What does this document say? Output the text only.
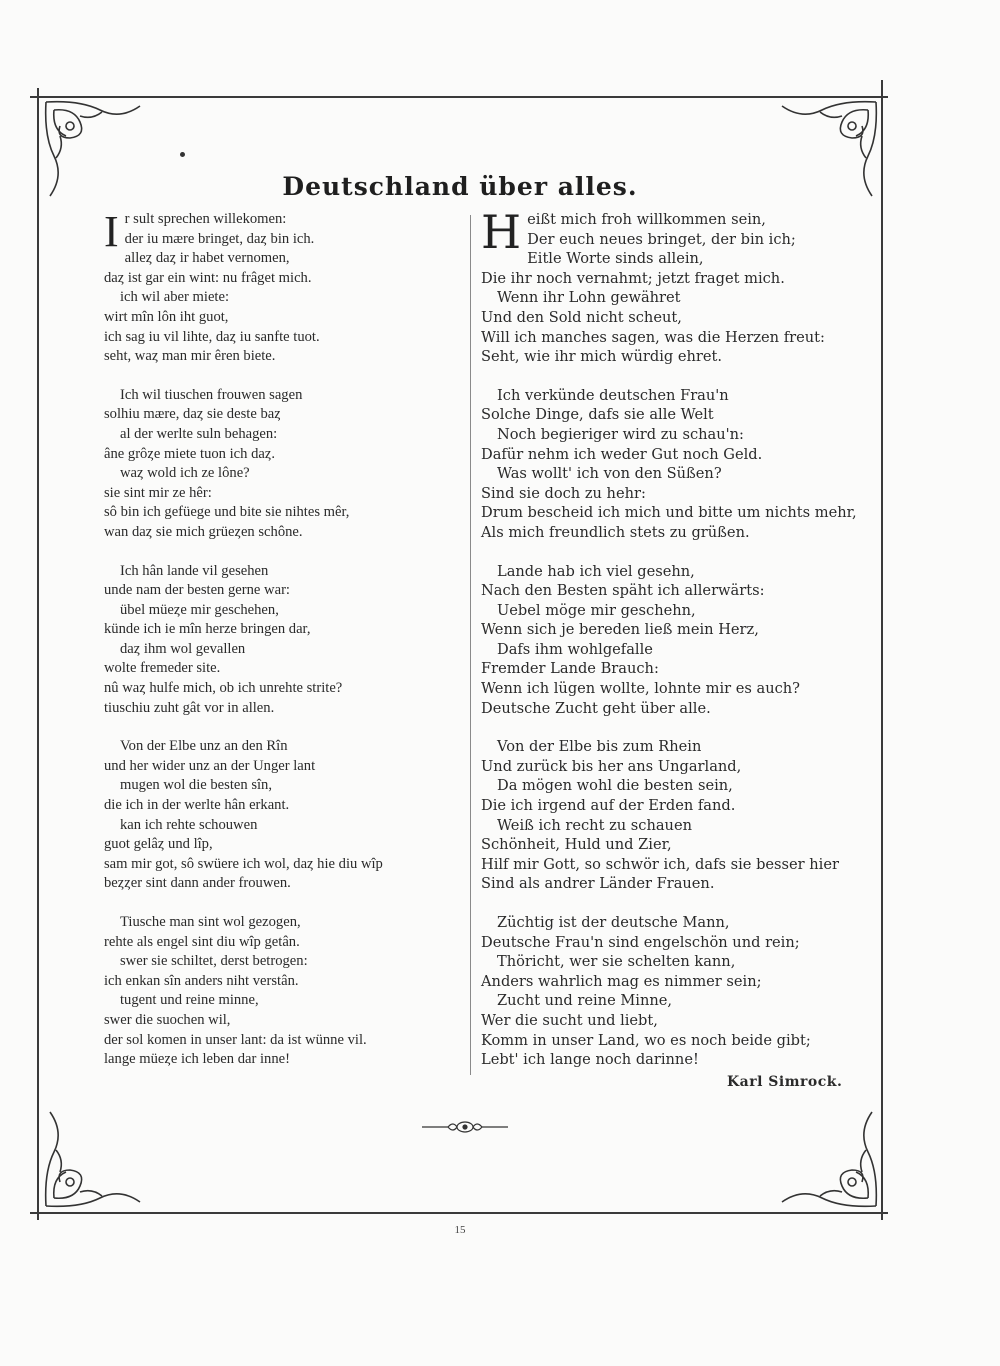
Deutschland über alles.
Ir sult sprechen willekomen:
der iu mære bringet, daȥ bin ich.
alleȥ daȥ ir habet vernomen,
daȥ ist gar ein wint: nu frâget mich.
ich wil aber miete:
wirt mîn lôn iht guot,
ich sag iu vil lihte, daȥ iu sanfte tuot.
seht, waȥ man mir êren biete.
Ich wil tiuschen frouwen sagen
solhiu mære, daȥ sie deste baȥ
al der werlte suln behagen:
âne grôȥe miete tuon ich daȥ.
waȥ wold ich ze lône?
sie sint mir ze hêr:
sô bin ich gefüege und bite sie nihtes mêr,
wan daȥ sie mich grüeȥen schône.
Ich hân lande vil gesehen
unde nam der besten gerne war:
übel müeȥe mir geschehen,
künde ich ie mîn herze bringen dar,
daȥ ihm wol gevallen
wolte fremeder site.
nû waȥ hulfe mich, ob ich unrehte strite?
tiuschiu zuht gât vor in allen.
Von der Elbe unz an den Rîn
und her wider unz an der Unger lant
mugen wol die besten sîn,
die ich in der werlte hân erkant.
kan ich rehte schouwen
guot gelâȥ und lîp,
sam mir got, sô swüere ich wol, daȥ hie diu wîp
beȥȥer sint dann ander frouwen.
Tiusche man sint wol gezogen,
rehte als engel sint diu wîp getân.
swer sie schiltet, derst betrogen:
ich enkan sîn anders niht verstân.
tugent und reine minne,
swer die suochen wil,
der sol komen in unser lant: da ist wünne vil.
lange müeȥe ich leben dar inne!
Heißt mich froh willkommen sein,
Der euch neues bringet, der bin ich;
Eitle Worte sinds allein,
Die ihr noch vernahmt; jetzt fraget mich.
Wenn ihr Lohn gewähret
Und den Sold nicht scheut,
Will ich manches sagen, was die Herzen freut:
Seht, wie ihr mich würdig ehret.
Ich verkünde deutschen Frau'n
Solche Dinge, dafs sie alle Welt
Noch begieriger wird zu schau'n:
Dafür nehm ich weder Gut noch Geld.
Was wollt' ich von den Süßen?
Sind sie doch zu hehr:
Drum bescheid ich mich und bitte um nichts mehr,
Als mich freundlich stets zu grüßen.
Lande hab ich viel gesehn,
Nach den Besten späht ich allerwärts:
Uebel möge mir geschehn,
Wenn sich je bereden ließ mein Herz,
Dafs ihm wohlgefalle
Fremder Lande Brauch:
Wenn ich lügen wollte, lohnte mir es auch?
Deutsche Zucht geht über alle.
Von der Elbe bis zum Rhein
Und zurück bis her ans Ungarland,
Da mögen wohl die besten sein,
Die ich irgend auf der Erden fand.
Weiß ich recht zu schauen
Schönheit, Huld und Zier,
Hilf mir Gott, so schwör ich, dafs sie besser hier
Sind als andrer Länder Frauen.
Züchtig ist der deutsche Mann,
Deutsche Frau'n sind engelschön und rein;
Thöricht, wer sie schelten kann,
Anders wahrlich mag es nimmer sein;
Zucht und reine Minne,
Wer die sucht und liebt,
Komm in unser Land, wo es noch beide gibt;
Lebt' ich lange noch darinne!
Karl Simrock.
15
